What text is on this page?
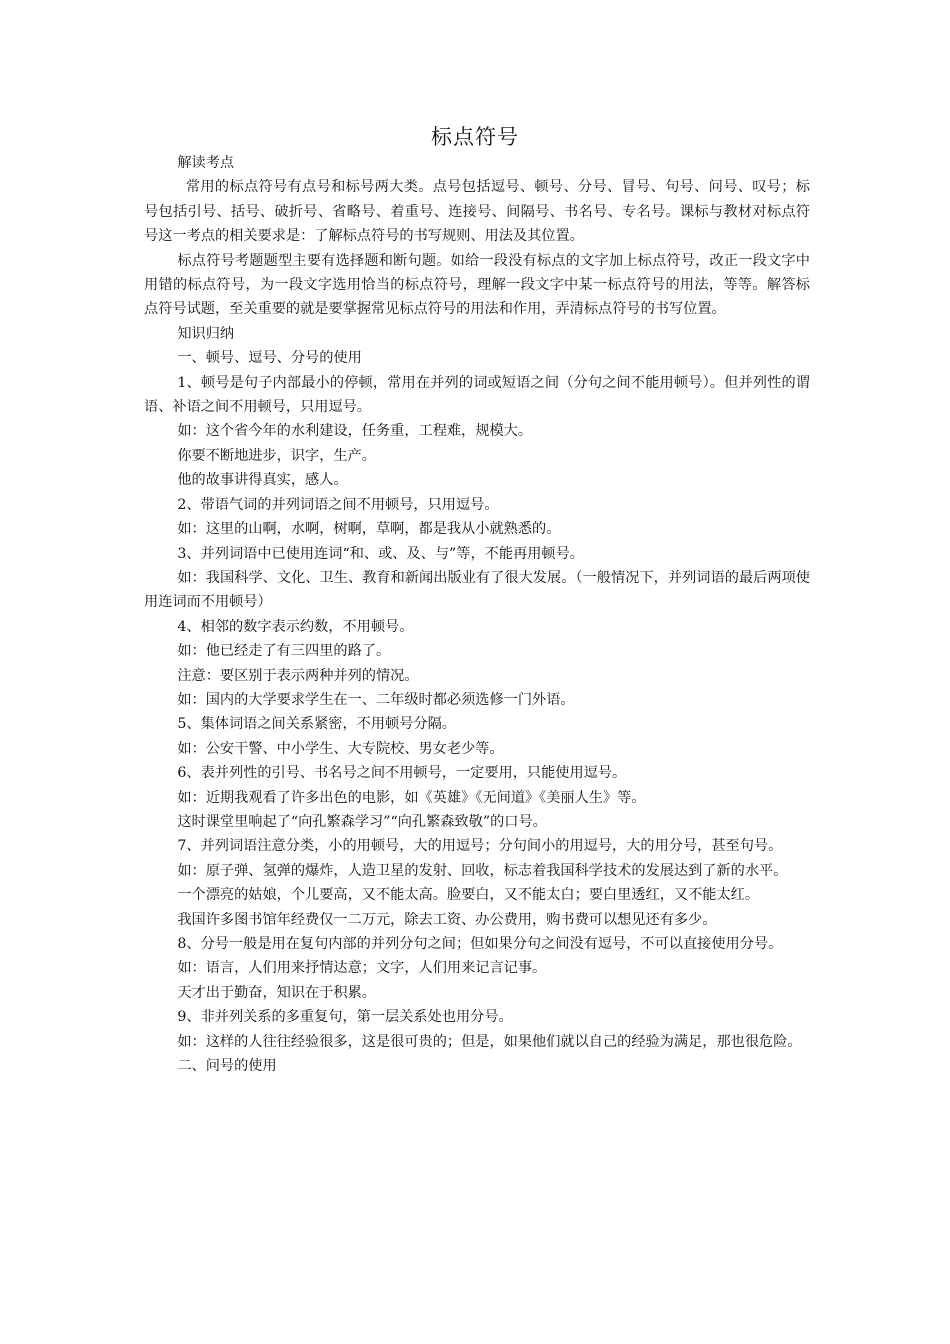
标点符号

解读考点

常用的标点符号有点号和标号两大类。点号包括逗号、顿号、分号、冒号、句号、问号、叹号；标号包括引号、括号、破折号、省略号、着重号、连接号、间隔号、书名号、专名号。课标与教材对标点符号这一考点的相关要求是：了解标点符号的书写规则、用法及其位置。

标点符号考题题型主要有选择题和断句题。如给一段没有标点的文字加上标点符号，改正一段文字中用错的标点符号，为一段文字选用恰当的标点符号，理解一段文字中某一标点符号的用法，等等。解答标点符号试题，至关重要的就是要掌握常见标点符号的用法和作用，弄清标点符号的书写位置。

知识归纳

一、顿号、逗号、分号的使用

1、顿号是句子内部最小的停顿，常用在并列的词或短语之间（分句之间不能用顿号）。但并列性的谓语、补语之间不用顿号，只用逗号。

如：这个省今年的水利建设，任务重，工程难，规模大。

你要不断地进步，识字，生产。

他的故事讲得真实，感人。

2、带语气词的并列词语之间不用顿号，只用逗号。

如：这里的山啊，水啊，树啊，草啊，都是我从小就熟悉的。

3、并列词语中已使用连词“和、或、及、与”等，不能再用顿号。

如：我国科学、文化、卫生、教育和新闻出版业有了很大发展。（一般情况下，并列词语的最后两项使用连词而不用顿号）

4、相邻的数字表示约数，不用顿号。

如：他已经走了有三四里的路了。

注意：要区别于表示两种并列的情况。

如：国内的大学要求学生在一、二年级时都必须选修一门外语。

5、集体词语之间关系紧密，不用顿号分隔。

如：公安干警、中小学生、大专院校、男女老少等。

6、表并列性的引号、书名号之间不用顿号，一定要用，只能使用逗号。

如：近期我观看了许多出色的电影，如《英雄》《无间道》《美丽人生》等。

这时课堂里响起了“向孔繁森学习”“向孔繁森致敬”的口号。

7、并列词语注意分类，小的用顿号，大的用逗号；分句间小的用逗号，大的用分号，甚至句号。

如：原子弹、氢弹的爆炸，人造卫星的发射、回收，标志着我国科学技术的发展达到了新的水平。

一个漂亮的姑娘，个儿要高，又不能太高。脸要白，又不能太白；要白里透红，又不能太红。

我国许多图书馆年经费仅一二万元，除去工资、办公费用，购书费可以想见还有多少。

8、分号一般是用在复句内部的并列分句之间；但如果分句之间没有逗号，不可以直接使用分号。

如：语言，人们用来抒情达意；文字，人们用来记言记事。

天才出于勤奋，知识在于积累。

9、非并列关系的多重复句，第一层关系处也用分号。

如：这样的人往往经验很多，这是很可贵的；但是，如果他们就以自己的经验为满足，那也很危险。

二、问号的使用
